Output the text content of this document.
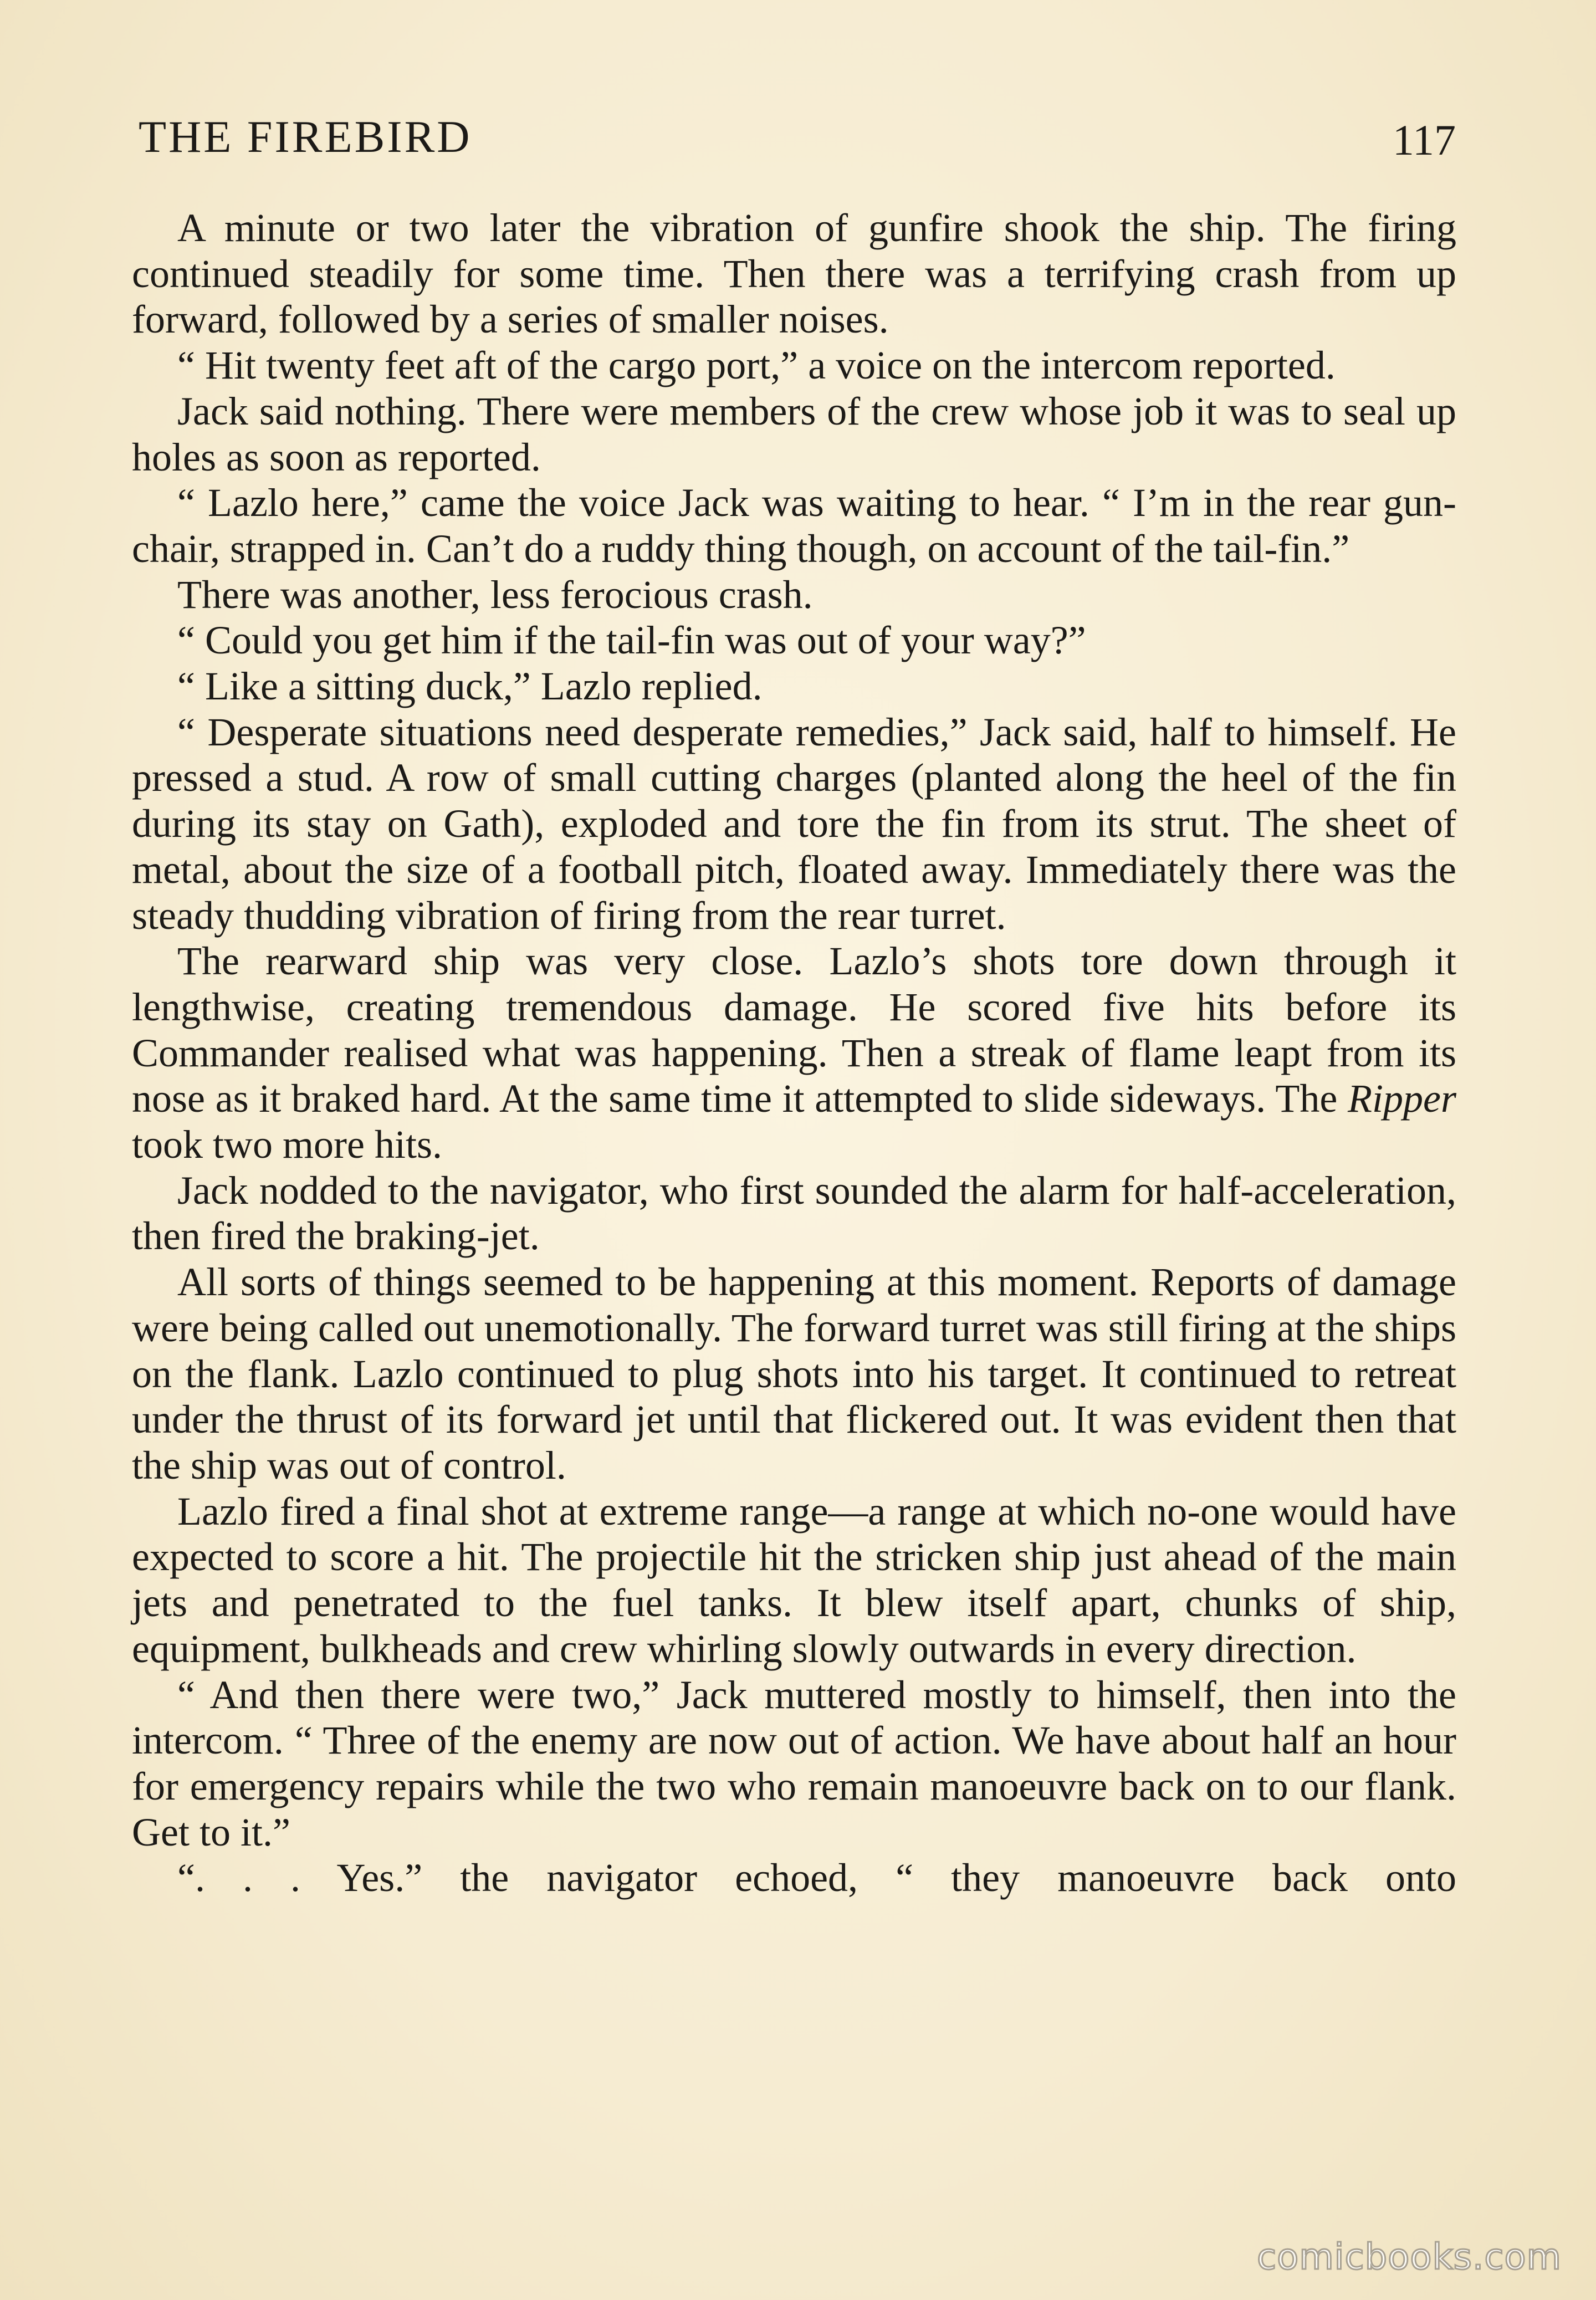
THE FIREBIRD	117

A minute or two later the vibration of gunfire shook the ship. The firing continued steadily for some time. Then there was a terrifying crash from up forward, followed by a series of smaller noises.

“ Hit twenty feet aft of the cargo port,” a voice on the intercom reported.

Jack said nothing. There were members of the crew whose job it was to seal up holes as soon as reported.

“ Lazlo here,” came the voice Jack was waiting to hear. “ I’m in the rear gun-chair, strapped in. Can’t do a ruddy thing though, on account of the tail-fin.”

There was another, less ferocious crash.

“ Could you get him if the tail-fin was out of your way?”

“ Like a sitting duck,” Lazlo replied.

“ Desperate situations need desperate remedies,” Jack said, half to himself. He pressed a stud. A row of small cutting charges (planted along the heel of the fin during its stay on Gath), exploded and tore the fin from its strut. The sheet of metal, about the size of a football pitch, floated away. Immediately there was the steady thudding vibration of firing from the rear turret.

The rearward ship was very close. Lazlo’s shots tore down through it lengthwise, creating tremendous damage. He scored five hits before its Commander realised what was happening. Then a streak of flame leapt from its nose as it braked hard. At the same time it attempted to slide sideways. The Ripper took two more hits.

Jack nodded to the navigator, who first sounded the alarm for half-acceleration, then fired the braking-jet.

All sorts of things seemed to be happening at this moment. Reports of damage were being called out unemotionally. The forward turret was still firing at the ships on the flank. Lazlo continued to plug shots into his target. It continued to retreat under the thrust of its forward jet until that flickered out. It was evident then that the ship was out of control.

Lazlo fired a final shot at extreme range—a range at which no-one would have expected to score a hit. The projectile hit the stricken ship just ahead of the main jets and penetrated to the fuel tanks. It blew itself apart, chunks of ship, equipment, bulkheads and crew whirling slowly outwards in every direction.

“ And then there were two,” Jack muttered mostly to himself, then into the intercom. “ Three of the enemy are now out of action. We have about half an hour for emergency repairs while the two who remain manoeuvre back on to our flank. Get to it.”

“. . . Yes.” the navigator echoed, “ they manoeuvre back onto

comicbooks.com
